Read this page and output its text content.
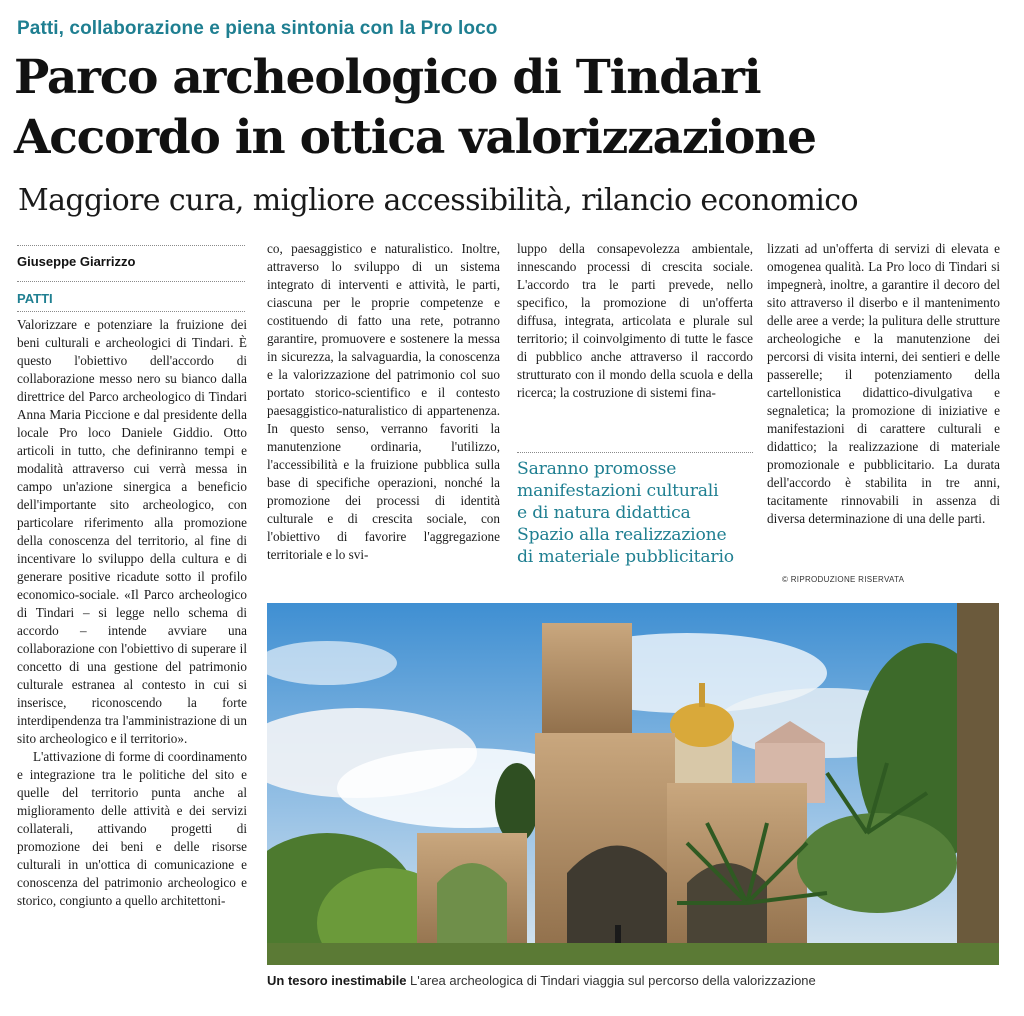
Patti, collaborazione e piena sintonia con la Pro loco
Parco archeologico di Tindari
Accordo in ottica valorizzazione
Maggiore cura, migliore accessibilità, rilancio economico
Giuseppe Giarrizzo
PATTI

Valorizzare e potenziare la fruizione dei beni culturali e archeologici di Tindari. È questo l'obiettivo dell'accordo di collaborazione messo nero su bianco dalla direttrice del Parco archeologico di Tindari Anna Maria Piccione e dal presidente della locale Pro loco Daniele Giddio. Otto articoli in tutto, che definiranno tempi e modalità attraverso cui verrà messa in campo un'azione sinergica a beneficio dell'importante sito archeologico, con particolare riferimento alla promozione della conoscenza del territorio, al fine di incentivare lo sviluppo della cultura e di generare positive ricadute sotto il profilo economico-sociale. «Il Parco archeologico di Tindari – si legge nello schema di accordo – intende avviare una collaborazione con l'obiettivo di superare il concetto di una gestione del patrimonio culturale estranea al contesto in cui si inserisce, riconoscendo la forte interdipendenza tra l'amministrazione di un sito archeologico e il territorio».

L'attivazione di forme di coordinamento e integrazione tra le politiche del sito e quelle del territorio punta anche al miglioramento delle attività e dei servizi collaterali, attivando progetti di promozione dei beni e delle risorse culturali in un'ottica di comunicazione e conoscenza del patrimonio archeologico e storico, congiunto a quello architettoni-

co, paesaggistico e naturalistico. Inoltre, attraverso lo sviluppo di un sistema integrato di interventi e attività, le parti, ciascuna per le proprie competenze e costituendo di fatto una rete, potranno garantire, promuovere e sostenere la messa in sicurezza, la salvaguardia, la conoscenza e la valorizzazione del patrimonio col suo portato storico-scientifico e il contesto paesaggistico-naturalistico di appartenenza. In questo senso, verranno favoriti la manutenzione ordinaria, l'utilizzo, l'accessibilità e la fruizione pubblica sulla base di specifiche operazioni, nonché la promozione dei processi di identità culturale e di crescita sociale, con l'obiettivo di favorire l'aggregazione territoriale e lo svi-

luppo della consapevolezza ambientale, innescando processi di crescita sociale. L'accordo tra le parti prevede, nello specifico, la promozione di un'offerta diffusa, integrata, articolata e plurale sul territorio; il coinvolgimento di tutte le fasce di pubblico anche attraverso il raccordo strutturato con il mondo della scuola e della ricerca; la costruzione di sistemi fina-

Saranno promosse
manifestazioni culturali
e di natura didattica
Spazio alla realizzazione
di materiale pubblicitario

lizzati ad un'offerta di servizi di elevata e omogenea qualità. La Pro loco di Tindari si impegnerà, inoltre, a garantire il decoro del sito attraverso il diserbo e il mantenimento delle aree a verde; la pulitura delle strutture archeologiche e la manutenzione dei percorsi di visita interni, dei sentieri e delle passerelle; il potenziamento della cartellonistica didattico-divulgativa e segnaletica; la promozione di iniziative e manifestazioni di carattere culturali e didattico; la realizzazione di materiale promozionale e pubblicitario. La durata dell'accordo è stabilita in tre anni, tacitamente rinnovabili in assenza di diversa determinazione di una delle parti.

© RIPRODUZIONE RISERVATA
Un tesoro inestimabile L'area archeologica di Tindari viaggia sul percorso della valorizzazione
